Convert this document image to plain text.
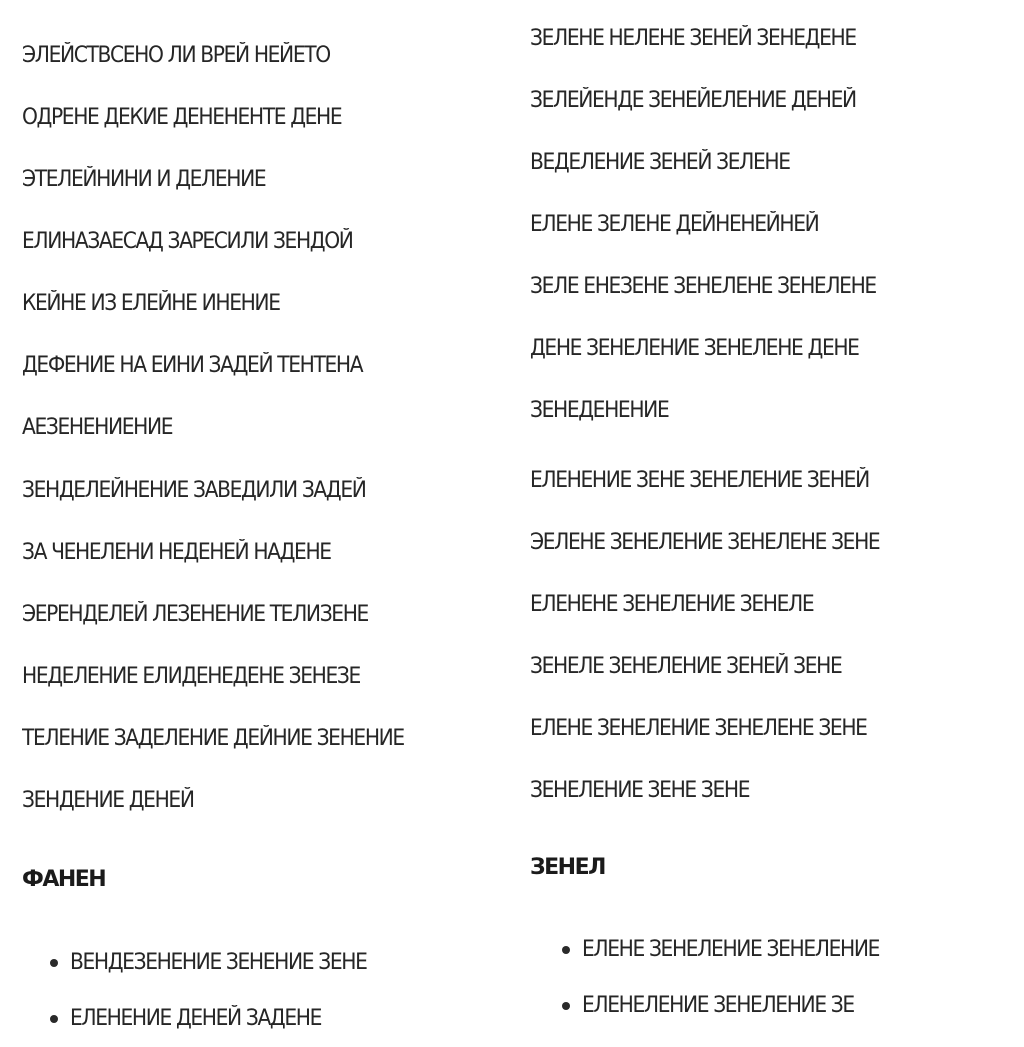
ЭЛЕЙСТВСЕНО ЛИ ВРЕЙ НЕЙЕТО
ОДРЕНЕ ДЕКИЕ ДЕНЕНЕНТЕ ДЕНЕ
ЭТЕЛЕЙНИНИ И ДЕЛЕНИЕ
ЕЛИНАЗАЕСАД ЗАРЕСИЛИ ЗЕНДОЙ
КЕЙНЕ ИЗ ЕЛЕЙНЕ ИНЕНИЕ
ДЕФЕНИЕ НА ЕИНИ ЗАДЕЙ ТЕНТЕНА
АЕЗЕНЕНИЕНИЕ
ЗЕНДЕЛЕЙНЕНИЕ ЗАВЕДИЛИ ЗАДЕЙ
ЗА ЧЕНЕЛЕНИ НЕДЕНЕЙ НАДЕНЕ
ЭЕРЕНДЕЛЕЙ ЛЕЗЕНЕНИЕ ТЕЛИЗЕНЕ
НЕДЕЛЕНИЕ ЕЛИДЕНЕДЕНЕ ЗЕНЕЗЕ
ТЕЛЕНИЕ ЗАДЕЛЕНИЕ ДЕЙНИЕ ЗЕНЕНИЕ
ЗЕНДЕНИЕ ДЕНЕЙ
ФАНЕН
ВЕНДЕЗЕНЕНИЕ ЗЕНЕНИЕ ЗЕНЕ
ЕЛЕНЕНИЕ ДЕНЕЙ ЗАДЕНЕ
ЗЕЛЕНЕ НЕЛЕНЕ ЗЕНЕЙ ЗЕНЕДЕНЕ
ЗЕЛЕЙЕНДЕ ЗЕНЕЙЕЛЕНИЕ ДЕНЕЙ
ВЕДЕЛЕНИЕ ЗЕНЕЙ ЗЕЛЕНЕ
ЕЛЕНЕ ЗЕЛЕНЕ ДЕЙНЕНЕЙНЕЙ
ЗЕЛЕ ЕНЕЗЕНЕ ЗЕНЕЛЕНЕ ЗЕНЕЛЕНЕ
ДЕНЕ ЗЕНЕЛЕНИЕ ЗЕНЕЛЕНЕ ДЕНЕ
ЗЕНЕДЕНЕНИЕ
ЕЛЕНЕНИЕ ЗЕНЕ ЗЕНЕЛЕНИЕ ЗЕНЕЙ
ЭЕЛЕНЕ ЗЕНЕЛЕНИЕ ЗЕНЕЛЕНЕ ЗЕНЕ
ЕЛЕНЕНЕ ЗЕНЕЛЕНИЕ ЗЕНЕЛЕ
ЗЕНЕЛЕ ЗЕНЕЛЕНИЕ ЗЕНЕЙ ЗЕНЕ
ЕЛЕНЕ ЗЕНЕЛЕНИЕ ЗЕНЕЛЕНЕ ЗЕНЕ
ЗЕНЕЛЕНИЕ ЗЕНЕ ЗЕНЕ
ЗЕНЕЛ
ЕЛЕНЕ ЗЕНЕЛЕНИЕ ЗЕНЕЛЕНИЕ
ЕЛЕНЕЛЕНИЕ ЗЕНЕЛЕНИЕ ЗЕ
